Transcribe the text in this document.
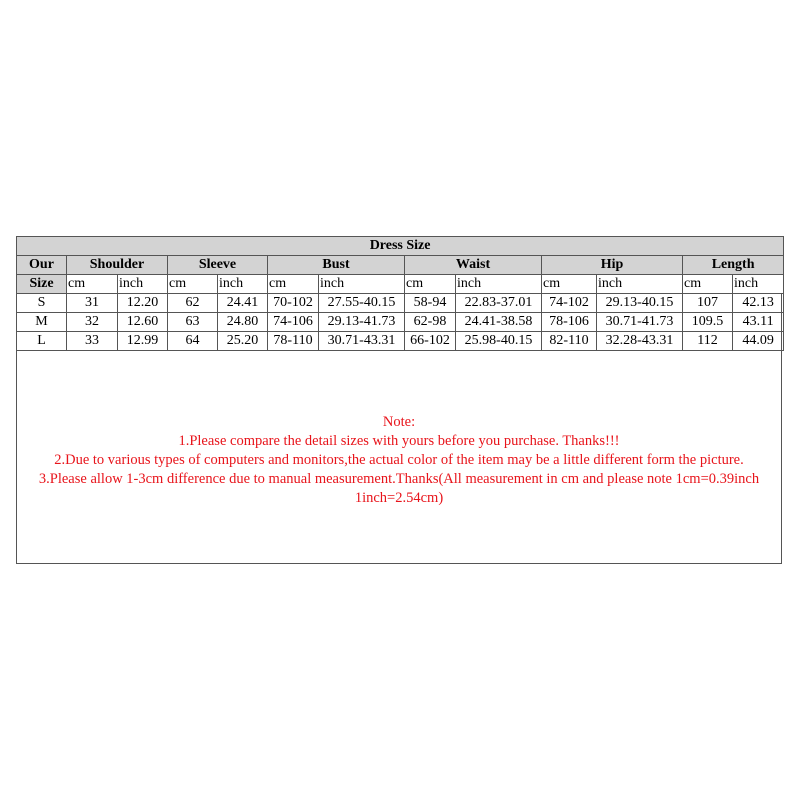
Dress Size												
Our	Shoulder		Sleeve		Bust		Waist		Hip		Length	
Size	cm	inch	cm	inch	cm	inch	cm	inch	cm	inch	cm	inch
S	31	12.20	62	24.41	70-102	27.55-40.15	58-94	22.83-37.01	74-102	29.13-40.15	107	42.13
M	32	12.60	63	24.80	74-106	29.13-41.73	62-98	24.41-38.58	78-106	30.71-41.73	109.5	43.11
L	33	12.99	64	25.20	78-110	30.71-43.31	66-102	25.98-40.15	82-110	32.28-43.31	112	44.09
Note:
1.Please compare the detail sizes with yours before you purchase. Thanks!!!
2.Due to various types of computers and monitors,the actual color of the item may be a little different form the picture.
3.Please allow 1-3cm difference due to manual measurement.Thanks(All measurement in cm and please note 1cm=0.39inch
1inch=2.54cm)
